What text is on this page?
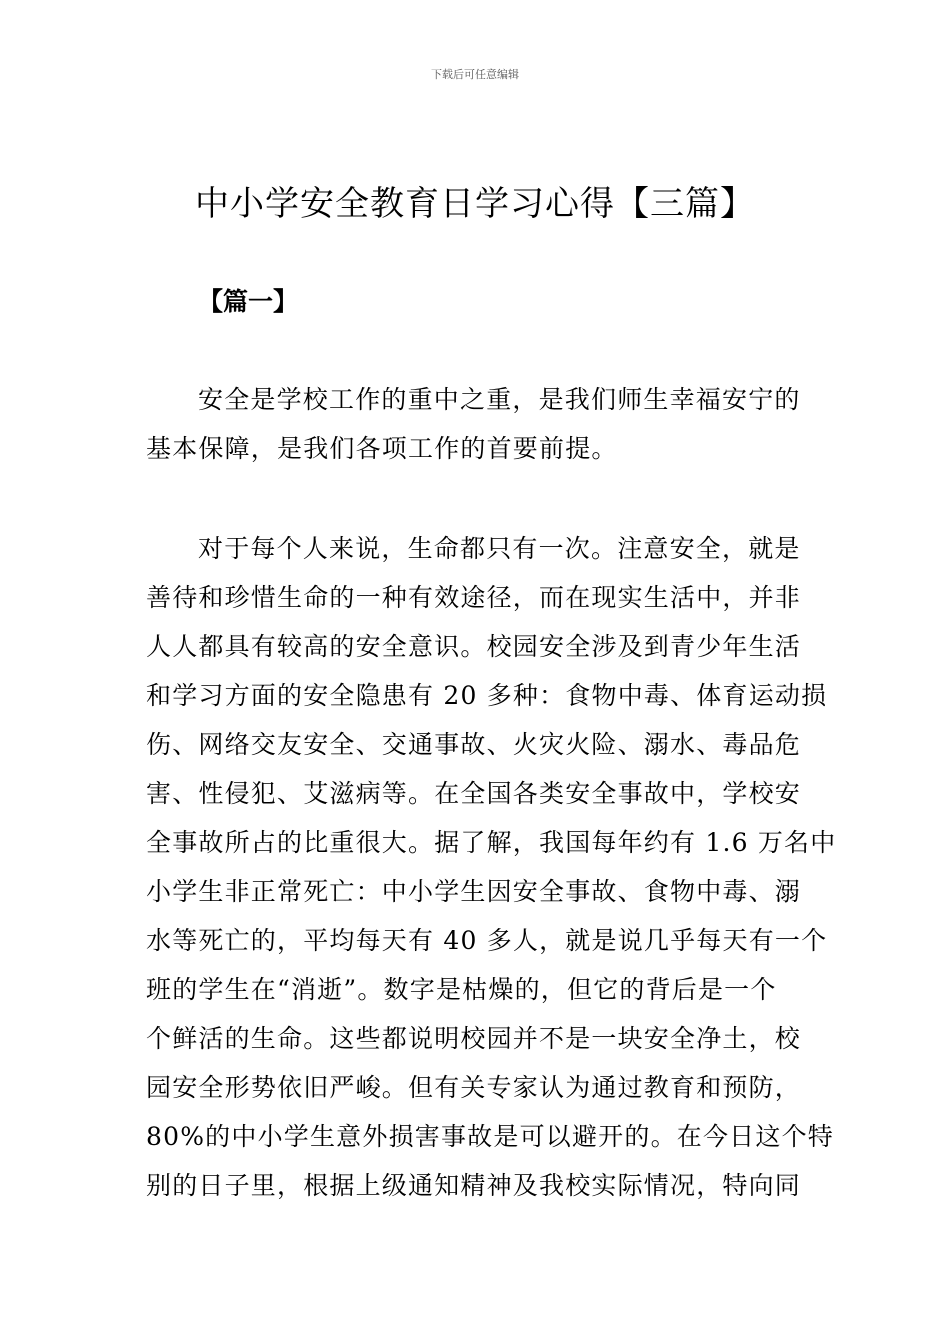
下载后可任意编辑
中小学安全教育日学习心得【三篇】
【篇一】
安全是学校工作的重中之重，是我们师生幸福安宁的
基本保障，是我们各项工作的首要前提。
对于每个人来说，生命都只有一次。注意安全，就是
善待和珍惜生命的一种有效途径，而在现实生活中，并非
人人都具有较高的安全意识。校园安全涉及到青少年生活
和学习方面的安全隐患有 20 多种：食物中毒、体育运动损
伤、网络交友安全、交通事故、火灾火险、溺水、毒品危
害、性侵犯、艾滋病等。在全国各类安全事故中，学校安
全事故所占的比重很大。据了解，我国每年约有 1.6 万名中
小学生非正常死亡：中小学生因安全事故、食物中毒、溺
水等死亡的，平均每天有 40 多人，就是说几乎每天有一个
班的学生在“消逝”。数字是枯燥的，但它的背后是一个
个鲜活的生命。这些都说明校园并不是一块安全净土，校
园安全形势依旧严峻。但有关专家认为通过教育和预防，
80%的中小学生意外损害事故是可以避开的。在今日这个特
别的日子里，根据上级通知精神及我校实际情况，特向同
